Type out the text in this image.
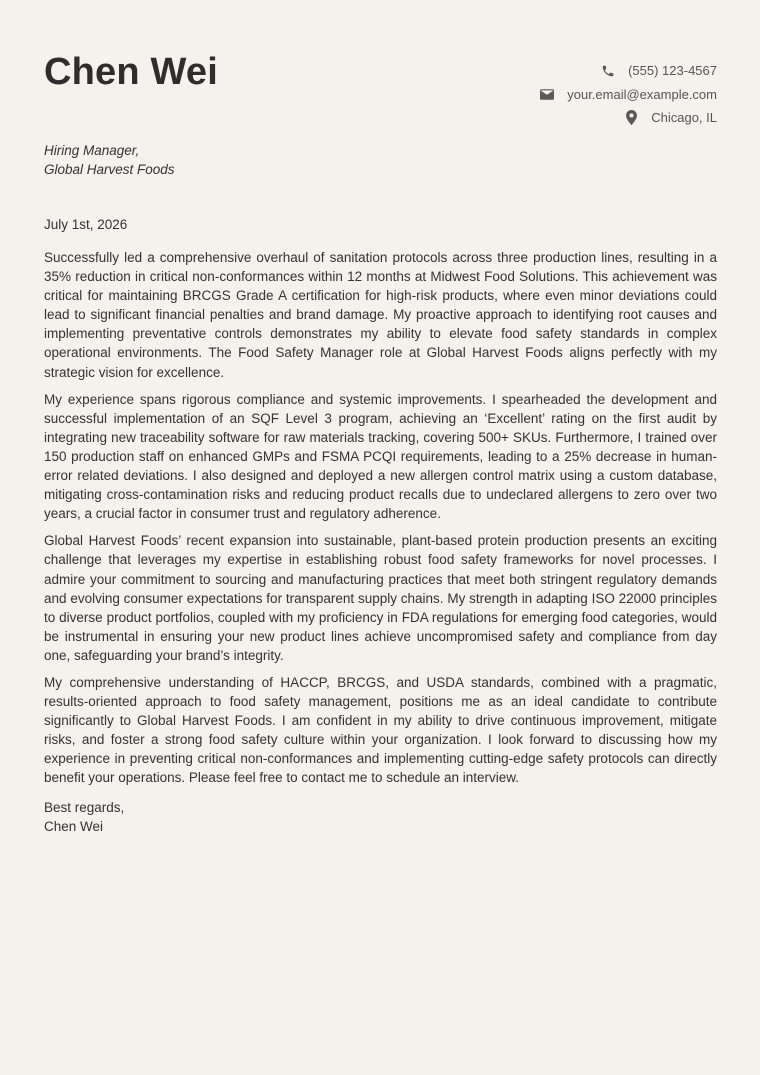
Chen Wei	(555) 123-4567
your.email@example.com
Chicago, IL
Hiring Manager,
Global Harvest Foods
July 1st, 2026

Successfully led a comprehensive overhaul of sanitation protocols across three production lines, resulting in a 35% reduction in critical non-conformances within 12 months at Midwest Food Solutions. This achievement was critical for maintaining BRCGS Grade A certification for high-risk products, where even minor deviations could lead to significant financial penalties and brand damage. My proactive approach to identifying root causes and implementing preventative controls demonstrates my ability to elevate food safety standards in complex operational environments. The Food Safety Manager role at Global Harvest Foods aligns perfectly with my strategic vision for excellence.

My experience spans rigorous compliance and systemic improvements. I spearheaded the development and successful implementation of an SQF Level 3 program, achieving an ‘Excellent’ rating on the first audit by integrating new traceability software for raw materials tracking, covering 500+ SKUs. Furthermore, I trained over 150 production staff on enhanced GMPs and FSMA PCQI requirements, leading to a 25% decrease in human-error related deviations. I also designed and deployed a new allergen control matrix using a custom database, mitigating cross-contamination risks and reducing product recalls due to undeclared allergens to zero over two years, a crucial factor in consumer trust and regulatory adherence.

Global Harvest Foods’ recent expansion into sustainable, plant-based protein production presents an exciting challenge that leverages my expertise in establishing robust food safety frameworks for novel processes. I admire your commitment to sourcing and manufacturing practices that meet both stringent regulatory demands and evolving consumer expectations for transparent supply chains. My strength in adapting ISO 22000 principles to diverse product portfolios, coupled with my proficiency in FDA regulations for emerging food categories, would be instrumental in ensuring your new product lines achieve uncompromised safety and compliance from day one, safeguarding your brand’s integrity.

My comprehensive understanding of HACCP, BRCGS, and USDA standards, combined with a pragmatic, results-oriented approach to food safety management, positions me as an ideal candidate to contribute significantly to Global Harvest Foods. I am confident in my ability to drive continuous improvement, mitigate risks, and foster a strong food safety culture within your organization. I look forward to discussing how my experience in preventing critical non-conformances and implementing cutting-edge safety protocols can directly benefit your operations. Please feel free to contact me to schedule an interview.

Best regards,
Chen Wei
